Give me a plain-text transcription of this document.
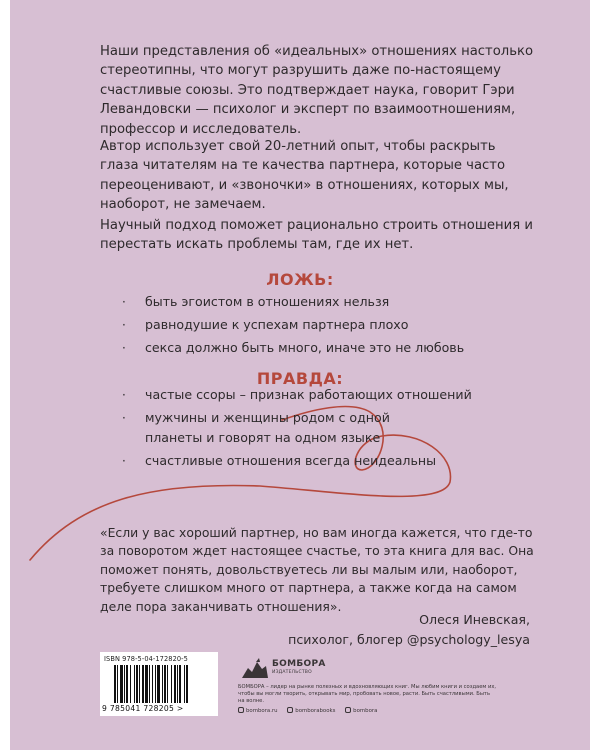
Наши представления об «идеальных» отношениях настолько стереотипны, что могут разрушить даже по-настоящему счастливые союзы. Это подтверждает наука, говорит Гэри Левандовски — психолог и эксперт по взаимоотношениям, профессор и исследователь.

Автор использует свой 20-летний опыт, чтобы раскрыть глаза читателям на те качества партнера, которые часто переоценивают, и «звоночки» в отношениях, которых мы, наоборот, не замечаем.

Научный подход поможет рационально строить отношения и перестать искать проблемы там, где их нет.

ЛОЖЬ:
· быть эгоистом в отношениях нельзя
· равнодушие к успехам партнера плохо
· секса должно быть много, иначе это не любовь
ПРАВДА:
· частые ссоры – признак работающих отношений
· мужчины и женщины родом с одной планеты и говорят на одном языке
· счастливые отношения всегда неидеальны

«Если у вас хороший партнер, но вам иногда кажется, что где-то за поворотом ждет настоящее счастье, то эта книга для вас. Она поможет понять, довольствуетесь ли вы малым или, наоборот, требуете слишком много от партнера, а также когда на самом деле пора заканчивать отношения».

Олеся Иневская,

психолог, блогер @psychology_lesya

ISBN 978-5-04-172820-5
9 785041 728205 >
БОМБОРА
ИЗДАТЕЛЬСТВО

БОМБОРА – лидер на рынке полезных и вдохновляющих книг. Мы любим книги и создаем их, чтобы вы могли творить, открывать мир, пробовать новое, расти. Быть счастливыми. Быть на волне.

bombora.ru	bomborabooks	bombora
